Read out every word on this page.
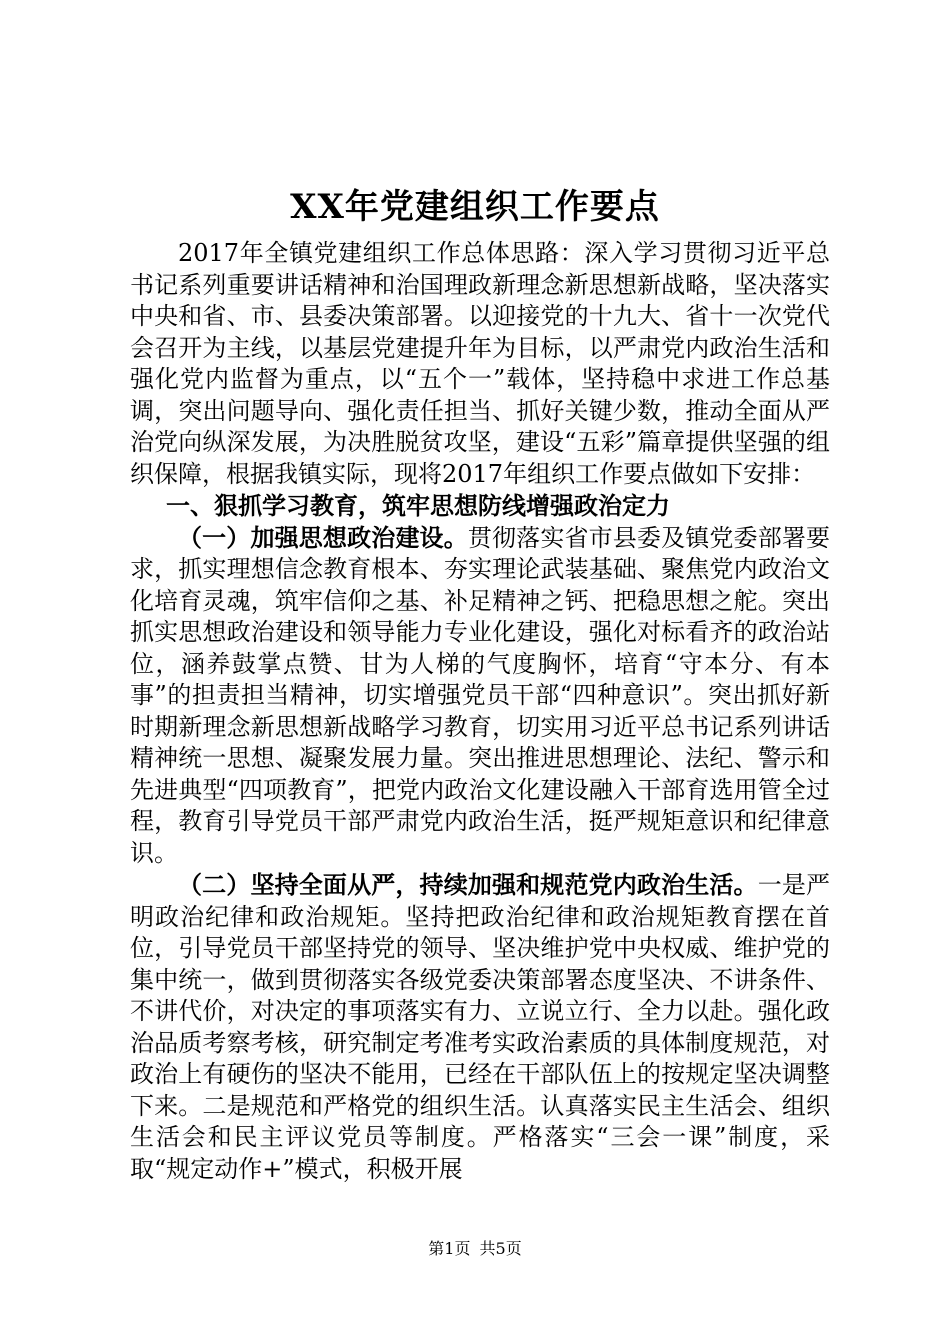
XX年党建组织工作要点

2017年全镇党建组织工作总体思路：深入学习贯彻习近平总书记系列重要讲话精神和治国理政新理念新思想新战略，坚决落实中央和省、市、县委决策部署。以迎接党的十九大、省十一次党代会召开为主线，以基层党建提升年为目标，以严肃党内政治生活和强化党内监督为重点，以“五个一”载体，坚持稳中求进工作总基调，突出问题导向、强化责任担当、抓好关键少数，推动全面从严治党向纵深发展，为决胜脱贫攻坚，建设“五彩”篇章提供坚强的组织保障，根据我镇实际，现将2017年组织工作要点做如下安排：

一、狠抓学习教育，筑牢思想防线增强政治定力

（一）加强思想政治建设。贯彻落实省市县委及镇党委部署要求，抓实理想信念教育根本、夯实理论武装基础、聚焦党内政治文化培育灵魂，筑牢信仰之基、补足精神之钙、把稳思想之舵。突出抓实思想政治建设和领导能力专业化建设，强化对标看齐的政治站位，涵养鼓掌点赞、甘为人梯的气度胸怀，培育“守本分、有本事”的担责担当精神，切实增强党员干部“四种意识”。突出抓好新时期新理念新思想新战略学习教育，切实用习近平总书记系列讲话精神统一思想、凝聚发展力量。突出推进思想理论、法纪、警示和先进典型“四项教育”，把党内政治文化建设融入干部育选用管全过程，教育引导党员干部严肃党内政治生活，挺严规矩意识和纪律意识。

（二）坚持全面从严，持续加强和规范党内政治生活。一是严明政治纪律和政治规矩。坚持把政治纪律和政治规矩教育摆在首位，引导党员干部坚持党的领导、坚决维护党中央权威、维护党的集中统一，做到贯彻落实各级党委决策部署态度坚决、不讲条件、不讲代价，对决定的事项落实有力、立说立行、全力以赴。强化政治品质考察考核，研究制定考准考实政治素质的具体制度规范，对政治上有硬伤的坚决不能用，已经在干部队伍上的按规定坚决调整下来。二是规范和严格党的组织生活。认真落实民主生活会、组织生活会和民主评议党员等制度。严格落实“三会一课”制度，采取“规定动作+”模式，积极开展

第1页 共5页
